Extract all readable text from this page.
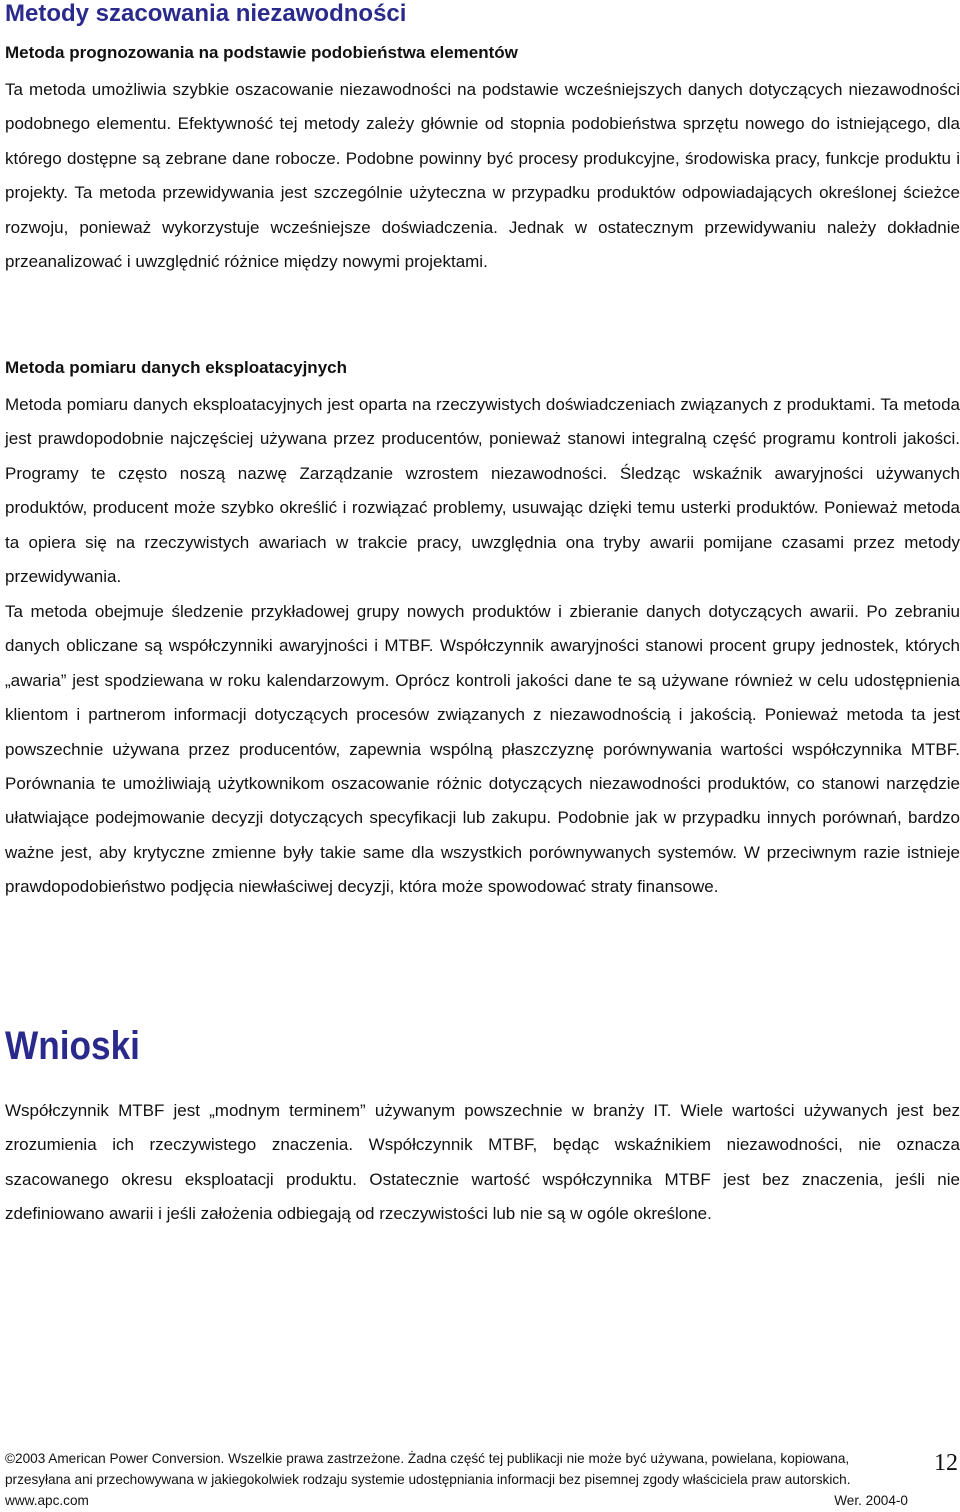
Metody szacowania niezawodności
Metoda prognozowania na podstawie podobieństwa elementów

Ta metoda umożliwia szybkie oszacowanie niezawodności na podstawie wcześniejszych danych dotyczących niezawodności podobnego elementu. Efektywność tej metody zależy głównie od stopnia podobieństwa sprzętu nowego do istniejącego, dla którego dostępne są zebrane dane robocze. Podobne powinny być procesy produkcyjne, środowiska pracy, funkcje produktu i projekty. Ta metoda przewidywania jest szczególnie użyteczna w przypadku produktów odpowiadających określonej ścieżce rozwoju, ponieważ wykorzystuje wcześniejsze doświadczenia. Jednak w ostatecznym przewidywaniu należy dokładnie przeanalizować i uwzględnić różnice między nowymi projektami.

Metoda pomiaru danych eksploatacyjnych

Metoda pomiaru danych eksploatacyjnych jest oparta na rzeczywistych doświadczeniach związanych z produktami. Ta metoda jest prawdopodobnie najczęściej używana przez producentów, ponieważ stanowi integralną część programu kontroli jakości. Programy te często noszą nazwę Zarządzanie wzrostem niezawodności. Śledząc wskaźnik awaryjności używanych produktów, producent może szybko określić i rozwiązać problemy, usuwając dzięki temu usterki produktów. Ponieważ metoda ta opiera się na rzeczywistych awariach w trakcie pracy, uwzględnia ona tryby awarii pomijane czasami przez metody przewidywania.

Ta metoda obejmuje śledzenie przykładowej grupy nowych produktów i zbieranie danych dotyczących awarii. Po zebraniu danych obliczane są współczynniki awaryjności i MTBF. Współczynnik awaryjności stanowi procent grupy jednostek, których „awaria” jest spodziewana w roku kalendarzowym. Oprócz kontroli jakości dane te są używane również w celu udostępnienia klientom i partnerom informacji dotyczących procesów związanych z niezawodnością i jakością. Ponieważ metoda ta jest powszechnie używana przez producentów, zapewnia wspólną płaszczyznę porównywania wartości współczynnika MTBF. Porównania te umożliwiają użytkownikom oszacowanie różnic dotyczących niezawodności produktów, co stanowi narzędzie ułatwiające podejmowanie decyzji dotyczących specyfikacji lub zakupu. Podobnie jak w przypadku innych porównań, bardzo ważne jest, aby krytyczne zmienne były takie same dla wszystkich porównywanych systemów. W przeciwnym razie istnieje prawdopodobieństwo podjęcia niewłaściwej decyzji, która może spowodować straty finansowe.

Wnioski

Współczynnik MTBF jest „modnym terminem” używanym powszechnie w branży IT. Wiele wartości używanych jest bez zrozumienia ich rzeczywistego znaczenia. Współczynnik MTBF, będąc wskaźnikiem niezawodności, nie oznacza szacowanego okresu eksploatacji produktu. Ostatecznie wartość współczynnika MTBF jest bez znaczenia, jeśli nie zdefiniowano awarii i jeśli założenia odbiegają od rzeczywistości lub nie są w ogóle określone.

©2003 American Power Conversion. Wszelkie prawa zastrzeżone. Żadna część tej publikacji nie może być używana, powielana, kopiowana,

przesyłana ani przechowywana w jakiegokolwiek rodzaju systemie udostępniania informacji bez pisemnej zgody właściciela praw autorskich.

www.apc.com	Wer. 2004-0
12
